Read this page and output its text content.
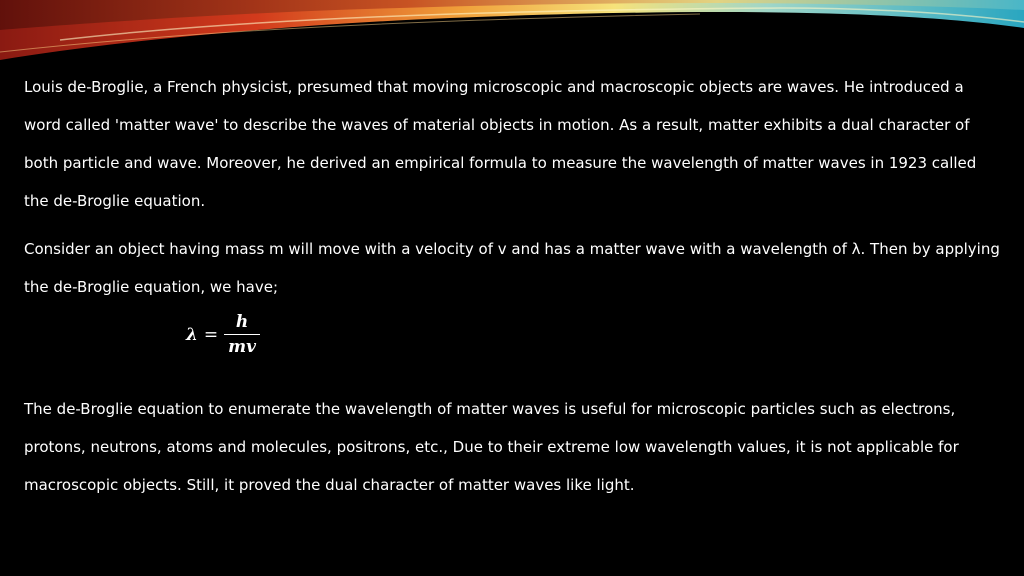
Louis de-Broglie, a French physicist, presumed that moving microscopic and macroscopic objects are waves. He introduced a word called 'matter wave' to describe the waves of material objects in motion. As a result, matter exhibits a dual character of both particle and wave. Moreover, he derived an empirical formula to measure the wavelength of matter waves in 1923 called the de-Broglie equation.

Consider an object having mass m will move with a velocity of v and has a matter wave with a wavelength of λ. Then by applying the de-Broglie equation, we have;

$\lambda = \frac{h}{mv}$

The de-Broglie equation to enumerate the wavelength of matter waves is useful for microscopic particles such as electrons, protons, neutrons, atoms and molecules, positrons, etc., Due to their extreme low wavelength values, it is not applicable for macroscopic objects. Still, it proved the dual character of matter waves like light.
